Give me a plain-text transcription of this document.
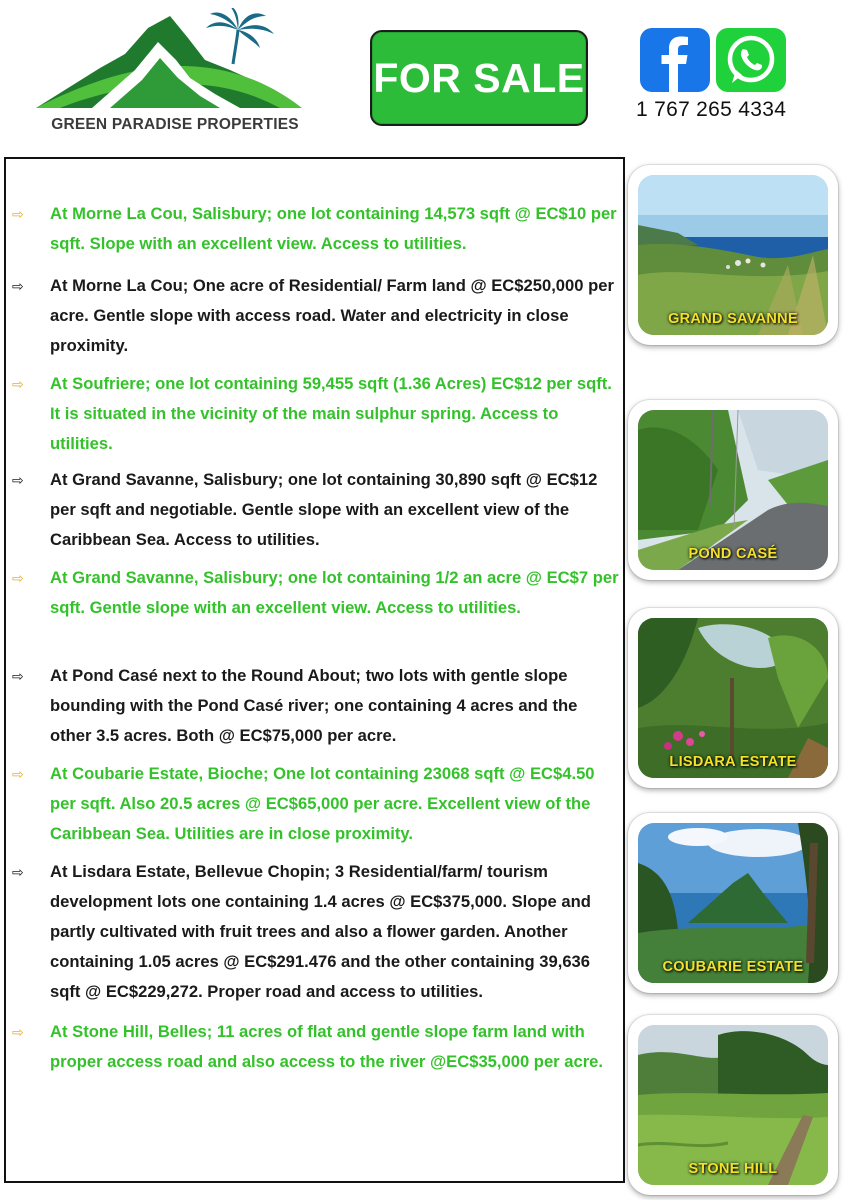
GREEN PARADISE PROPERTIES
FOR SALE
1 767 265 4334
⇨ At Morne La Cou, Salisbury; one lot containing 14,573 sqft @ EC$10 per sqft. Slope with an excellent view. Access to utilities.
⇨ At Morne La Cou; One acre of Residential/ Farm land @ EC$250,000 per acre. Gentle slope with access road. Water and electricity in close proximity.
⇨ At Soufriere; one lot containing 59,455 sqft (1.36 Acres) EC$12 per sqft. It is situated in the vicinity of the main sulphur spring. Access to utilities.
⇨ At Grand Savanne, Salisbury; one lot containing 30,890 sqft @ EC$12 per sqft and negotiable. Gentle slope with an excellent view of the Caribbean Sea. Access to utilities.
⇨ At Grand Savanne, Salisbury; one lot containing 1/2 an acre @ EC$7 per sqft. Gentle slope with an excellent view. Access to utilities.
⇨ At Pond Casé next to the Round About; two lots with gentle slope bounding with the Pond Casé river; one containing 4 acres and the other 3.5 acres. Both @ EC$75,000 per acre.
⇨ At Coubarie Estate, Bioche; One lot containing 23068 sqft @ EC$4.50 per sqft. Also 20.5 acres @ EC$65,000 per acre. Excellent view of the Caribbean Sea. Utilities are in close proximity.
⇨ At Lisdara Estate, Bellevue Chopin; 3 Residential/farm/ tourism development lots one containing 1.4 acres @ EC$375,000. Slope and partly cultivated with fruit trees and also a flower garden. Another containing 1.05 acres @ EC$291.476 and the other containing 39,636 sqft @ EC$229,272. Proper road and access to utilities.
⇨ At Stone Hill, Belles; 11 acres of flat and gentle slope farm land with proper access road and also access to the river @EC$35,000 per acre.
GRAND SAVANNE
POND CASÉ
LISDARA ESTATE
COUBARIE ESTATE
STONE HILL
